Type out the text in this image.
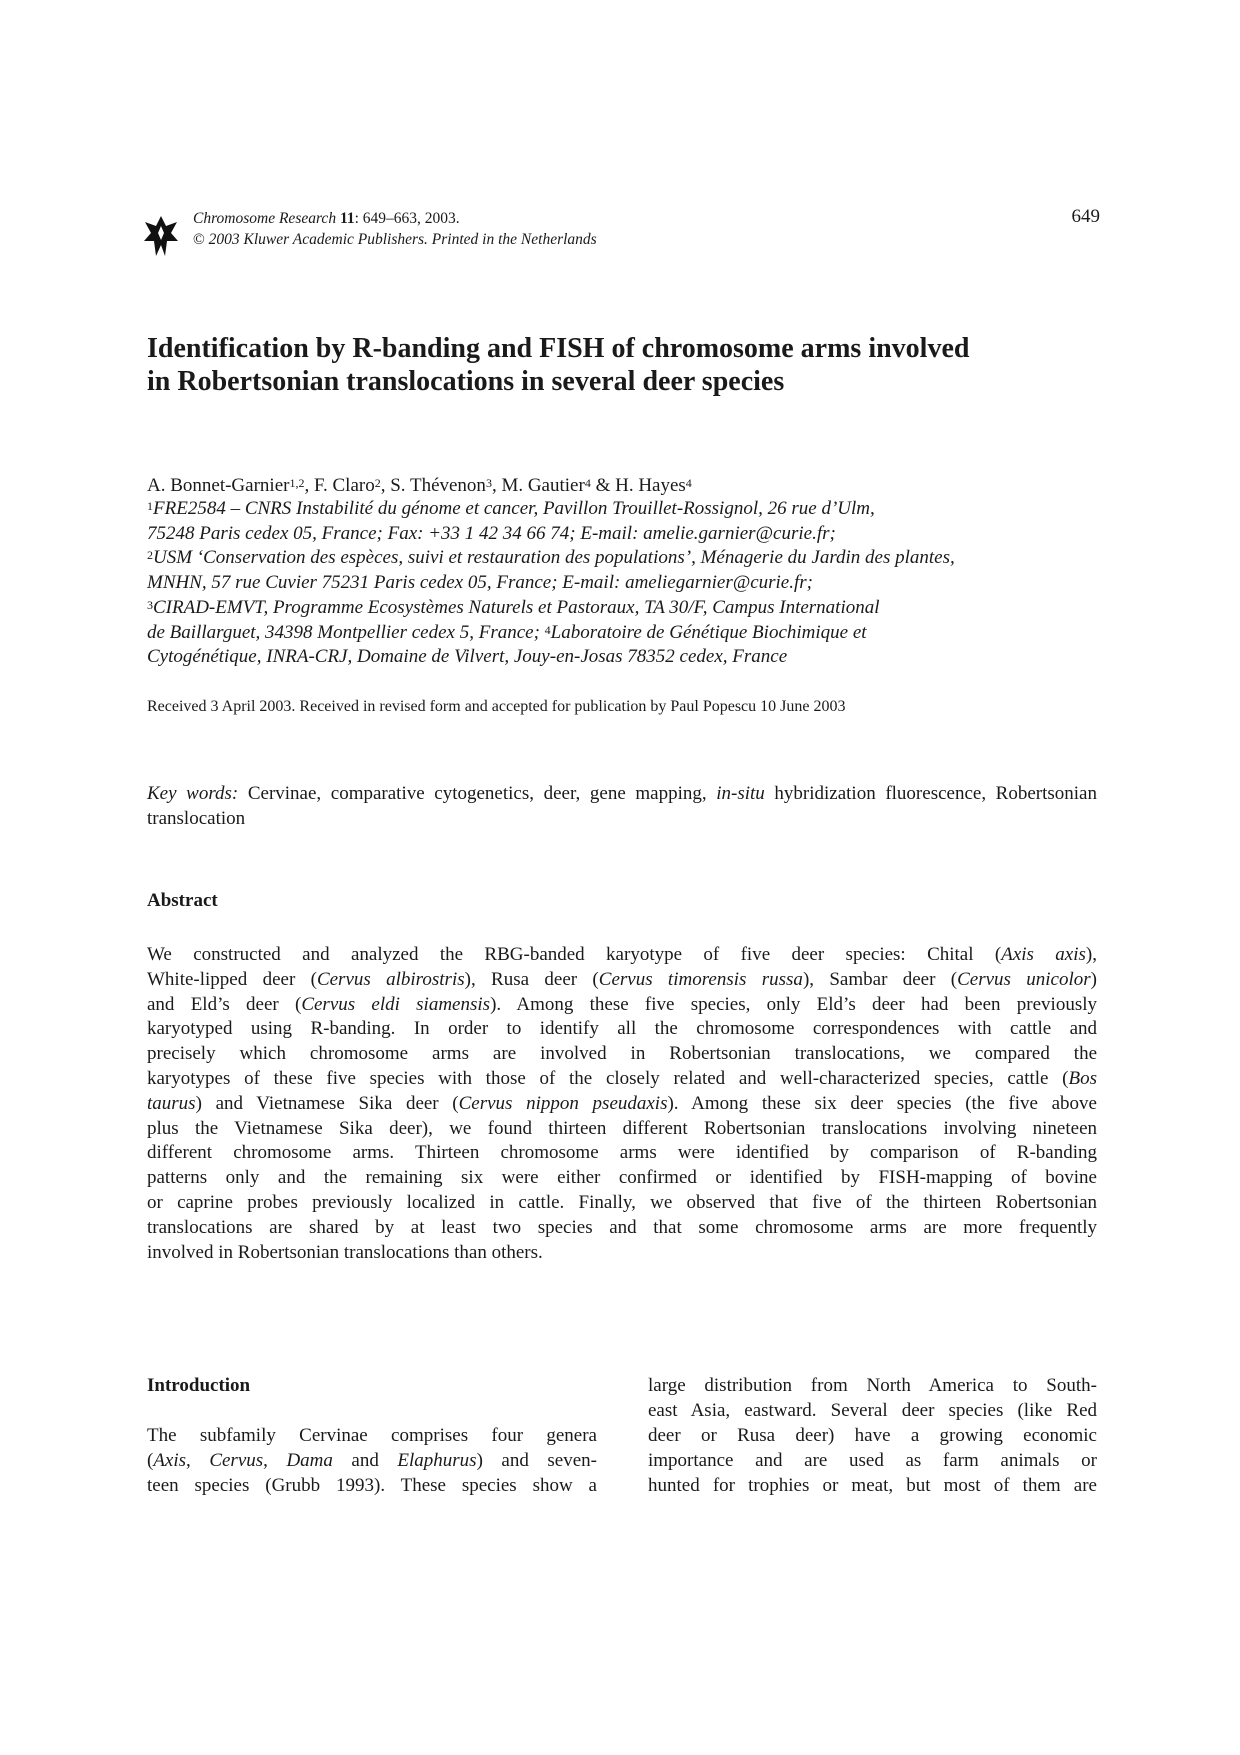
Chromosome Research 11: 649–663, 2003.
© 2003 Kluwer Academic Publishers. Printed in the Netherlands
649
Identification by R-banding and FISH of chromosome arms involved
in Robertsonian translocations in several deer species
A. Bonnet-Garnier$^{1,2}$, F. Claro$^2$, S. Thévenon$^3$, M. Gautier$^4$ & H. Hayes$^4$
$^1$FRE2584 – CNRS Instabilité du génome et cancer, Pavillon Trouillet-Rossignol, 26 rue d’Ulm,
75248 Paris cedex 05, France; Fax: +33 1 42 34 66 74; E-mail: amelie.garnier@curie.fr;
$^2$USM ‘Conservation des espèces, suivi et restauration des populations’, Ménagerie du Jardin des plantes,
MNHN, 57 rue Cuvier 75231 Paris cedex 05, France; E-mail: ameliegarnier@curie.fr;
$^3$CIRAD-EMVT, Programme Ecosystèmes Naturels et Pastoraux, TA 30/F, Campus International
de Baillarguet, 34398 Montpellier cedex 5, France; $^4$Laboratoire de Génétique Biochimique et
Cytogénétique, INRA-CRJ, Domaine de Vilvert, Jouy-en-Josas 78352 cedex, France
Received 3 April 2003. Received in revised form and accepted for publication by Paul Popescu 10 June 2003
Key words: Cervinae, comparative cytogenetics, deer, gene mapping, in-situ hybridization fluorescence, Robertsonian translocation
Abstract
We constructed and analyzed the RBG-banded karyotype of five deer species: Chital (Axis axis),
White-lipped deer (Cervus albirostris), Rusa deer (Cervus timorensis russa), Sambar deer (Cervus unicolor)
and Eld’s deer (Cervus eldi siamensis). Among these five species, only Eld’s deer had been previously
karyotyped using R-banding. In order to identify all the chromosome correspondences with cattle and
precisely which chromosome arms are involved in Robertsonian translocations, we compared the
karyotypes of these five species with those of the closely related and well-characterized species, cattle (Bos
taurus) and Vietnamese Sika deer (Cervus nippon pseudaxis). Among these six deer species (the five above
plus the Vietnamese Sika deer), we found thirteen different Robertsonian translocations involving nineteen
different chromosome arms. Thirteen chromosome arms were identified by comparison of R-banding
patterns only and the remaining six were either confirmed or identified by FISH-mapping of bovine
or caprine probes previously localized in cattle. Finally, we observed that five of the thirteen Robertsonian
translocations are shared by at least two species and that some chromosome arms are more frequently
involved in Robertsonian translocations than others.
Introduction
The subfamily Cervinae comprises four genera
(Axis, Cervus, Dama and Elaphurus) and seven-
teen species (Grubb 1993). These species show a
large distribution from North America to South-
east Asia, eastward. Several deer species (like Red
deer or Rusa deer) have a growing economic
importance and are used as farm animals or
hunted for trophies or meat, but most of them are
